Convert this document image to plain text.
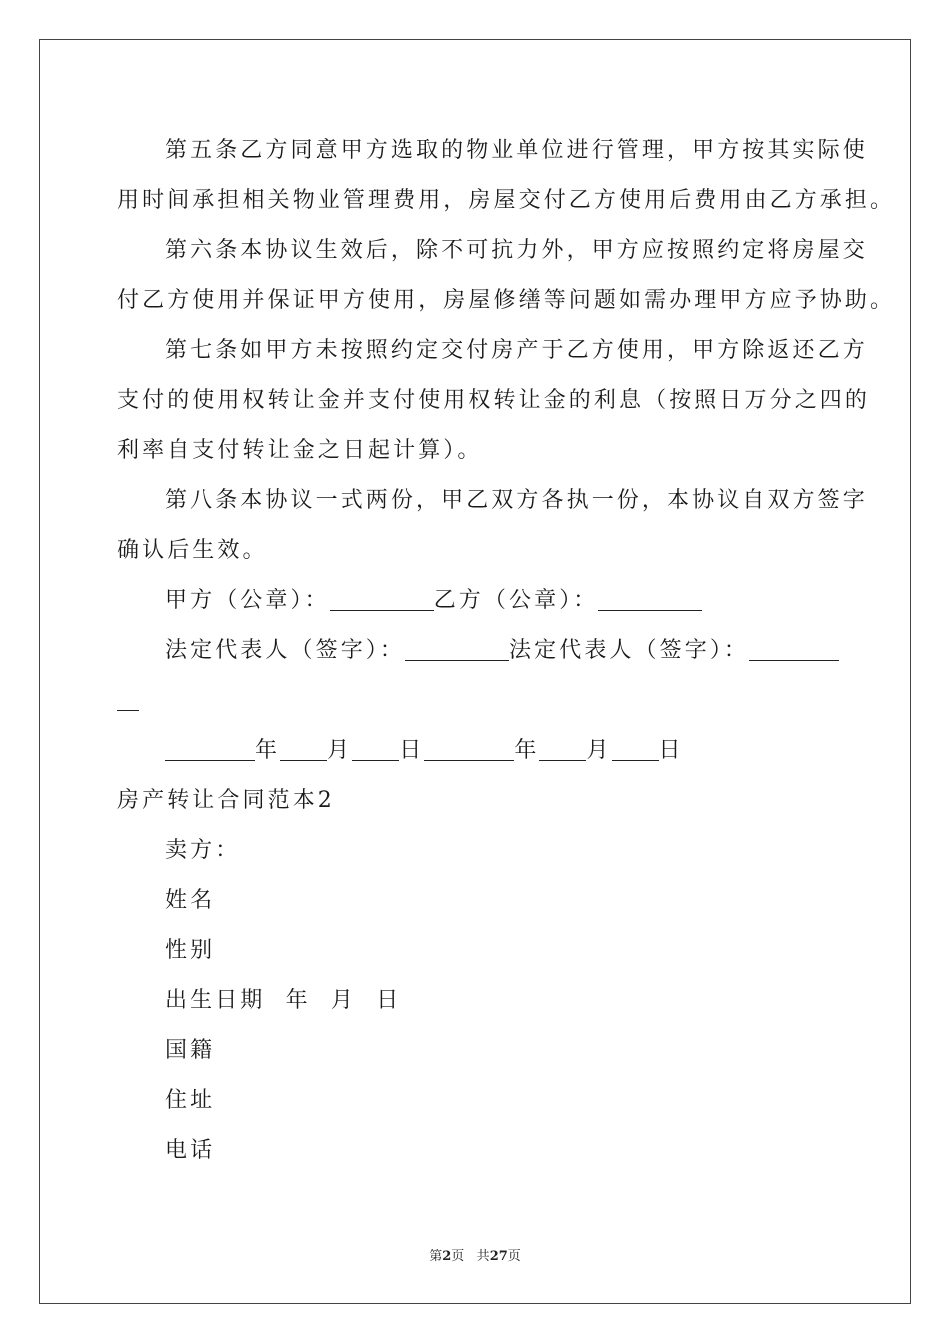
第五条乙方同意甲方选取的物业单位进行管理，甲方按其实际使
用时间承担相关物业管理费用，房屋交付乙方使用后费用由乙方承担。
第六条本协议生效后，除不可抗力外，甲方应按照约定将房屋交
付乙方使用并保证甲方使用，房屋修缮等问题如需办理甲方应予协助。
第七条如甲方未按照约定交付房产于乙方使用，甲方除返还乙方
支付的使用权转让金并支付使用权转让金的利息（按照日万分之四的
利率自支付转让金之日起计算）。
第八条本协议一式两份，甲乙双方各执一份，本协议自双方签字
确认后生效。
甲方（公章）：	乙方（公章）：
法定代表人（签字）：	法定代表人（签字）：
年 月 日	年 月 日
房产转让合同范本2
卖方：
姓名
性别
出生日期 年 月 日
国籍
住址
电话
第2页 共27页
